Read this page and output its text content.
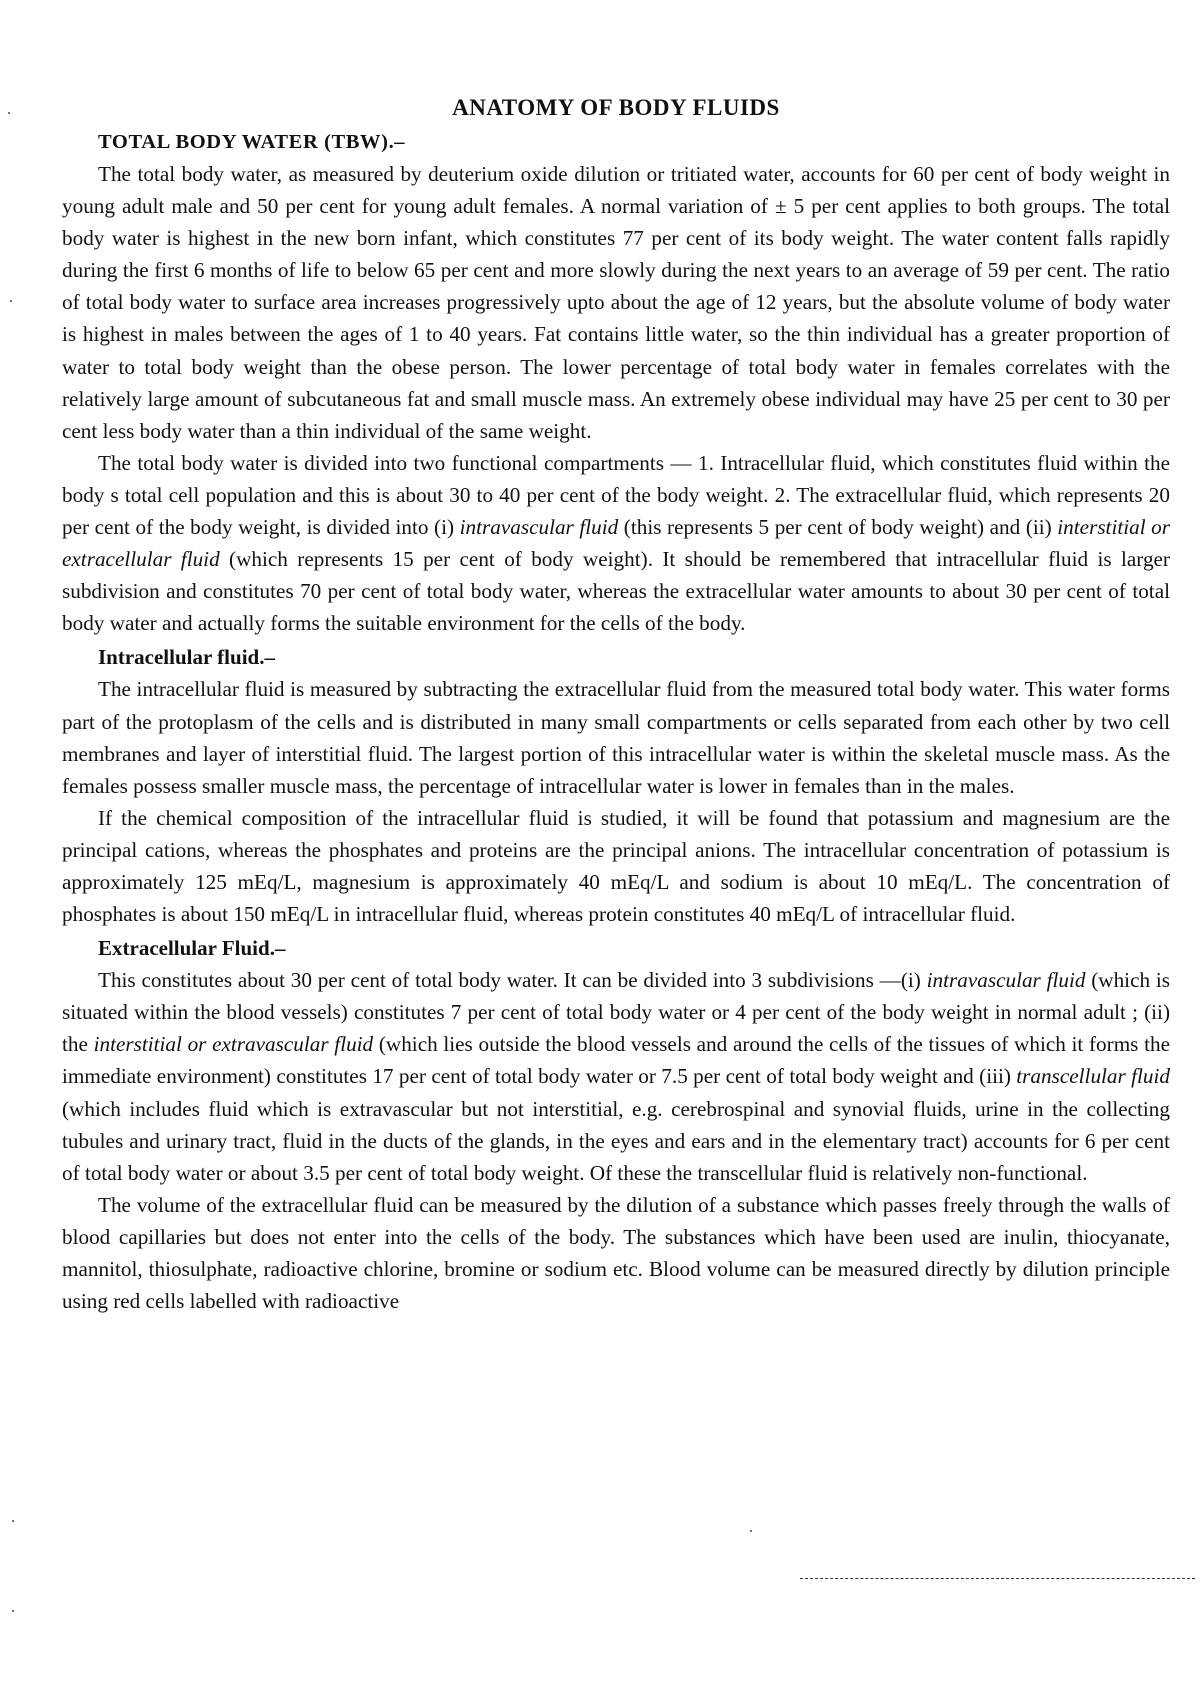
ANATOMY OF BODY FLUIDS
TOTAL BODY WATER (TBW).–

The total body water, as measured by deuterium oxide dilution or tritiated water, accounts for 60 per cent of body weight in young adult male and 50 per cent for young adult females. A normal variation of ± 5 per cent applies to both groups. The total body water is highest in the new born infant, which constitutes 77 per cent of its body weight. The water content falls rapidly during the first 6 months of life to below 65 per cent and more slowly during the next years to an average of 59 per cent. The ratio of total body water to surface area increases progressively upto about the age of 12 years, but the absolute volume of body water is highest in males between the ages of 1 to 40 years. Fat contains little water, so the thin individual has a greater proportion of water to total body weight than the obese person. The lower percentage of total body water in females correlates with the relatively large amount of subcutaneous fat and small muscle mass. An extremely obese individual may have 25 per cent to 30 per cent less body water than a thin individual of the same weight.

The total body water is divided into two functional compartments — 1. Intracellular fluid, which constitutes fluid within the body s total cell population and this is about 30 to 40 per cent of the body weight. 2. The extracellular fluid, which represents 20 per cent of the body weight, is divided into (i) intravascular fluid (this represents 5 per cent of body weight) and (ii) interstitial or extracellular fluid (which represents 15 per cent of body weight). It should be remembered that intracellular fluid is larger subdivision and constitutes 70 per cent of total body water, whereas the extracellular water amounts to about 30 per cent of total body water and actually forms the suitable environment for the cells of the body.

Intracellular fluid.–

The intracellular fluid is measured by subtracting the extracellular fluid from the measured total body water. This water forms part of the protoplasm of the cells and is distributed in many small compartments or cells separated from each other by two cell membranes and layer of interstitial fluid. The largest portion of this intracellular water is within the skeletal muscle mass. As the females possess smaller muscle mass, the percentage of intracellular water is lower in females than in the males.

If the chemical composition of the intracellular fluid is studied, it will be found that potassium and magnesium are the principal cations, whereas the phosphates and proteins are the principal anions. The intracellular concentration of potassium is approximately 125 mEq/L, magnesium is approximately 40 mEq/L and sodium is about 10 mEq/L. The concentration of phosphates is about 150 mEq/L in intracellular fluid, whereas protein constitutes 40 mEq/L of intracellular fluid.

Extracellular Fluid.–

This constitutes about 30 per cent of total body water. It can be divided into 3 subdivisions —(i) intravascular fluid (which is situated within the blood vessels) constitutes 7 per cent of total body water or 4 per cent of the body weight in normal adult ; (ii) the interstitial or extravascular fluid (which lies outside the blood vessels and around the cells of the tissues of which it forms the immediate environment) constitutes 17 per cent of total body water or 7.5 per cent of total body weight and (iii) transcellular fluid (which includes fluid which is extravascular but not interstitial, e.g. cerebrospinal and synovial fluids, urine in the collecting tubules and urinary tract, fluid in the ducts of the glands, in the eyes and ears and in the elementary tract) accounts for 6 per cent of total body water or about 3.5 per cent of total body weight. Of these the transcellular fluid is relatively non-functional.

The volume of the extracellular fluid can be measured by the dilution of a substance which passes freely through the walls of blood capillaries but does not enter into the cells of the body. The substances which have been used are inulin, thiocyanate, mannitol, thiosulphate, radioactive chlorine, bromine or sodium etc. Blood volume can be measured directly by dilution principle using red cells labelled with radioactive
